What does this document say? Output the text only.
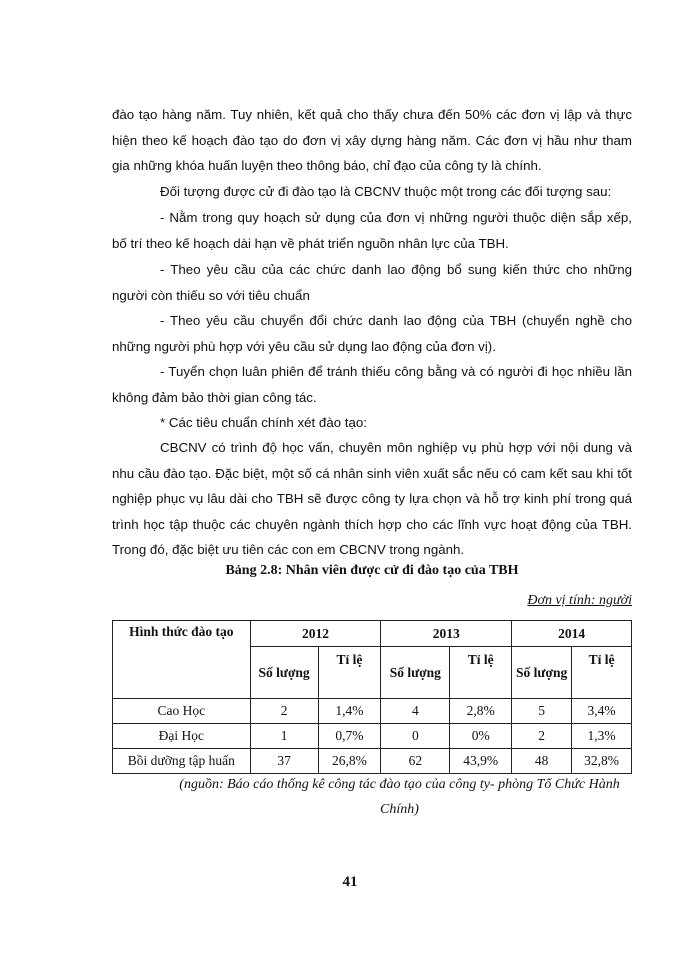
đào tạo hàng năm. Tuy nhiên, kết quả cho thấy chưa đến 50% các đơn vị lập và thực hiện theo kế hoạch đào tạo do đơn vị xây dựng hàng năm. Các đơn vị hầu như tham gia những khóa huấn luyện theo thông báo, chỉ đạo của công ty là chính.

Đối tượng được cử đi đào tạo là CBCNV thuộc một trong các đối tượng sau:

- Nằm trong quy hoạch sử dụng của đơn vị những người thuộc diện sắp xếp, bố trí theo kế hoạch dài hạn về phát triển nguồn nhân lực của TBH.

- Theo yêu cầu của các chức danh lao động bổ sung kiến thức cho những người còn thiếu so với tiêu chuẩn

- Theo yêu cầu chuyển đổi chức danh lao động của TBH (chuyển nghề cho những người phù hợp với yêu cầu sử dụng lao động của đơn vị).

- Tuyển chọn luân phiên để tránh thiếu công bằng và có người đi học nhiều lần không đảm bảo thời gian công tác.

* Các tiêu chuẩn chính xét đào tạo:

CBCNV có trình độ học vấn, chuyên môn nghiệp vụ phù hợp với nội dung và nhu cầu đào tạo. Đặc biệt, một số cá nhân sinh viên xuất sắc nếu có cam kết sau khi tốt nghiệp phục vụ lâu dài cho TBH sẽ được công ty lựa chọn và hỗ trợ kinh phí trong quá trình học tập thuộc các chuyên ngành thích hợp cho các lĩnh vực hoạt động của TBH. Trong đó, đặc biệt ưu tiên các con em CBCNV trong ngành.

Bảng 2.8: Nhân viên được cử đi đào tạo của TBH

Đơn vị tính: người
Hình thức đào tạo	2012		2013		2014	
	Số lượng	Tỉ lệ	Số lượng	Tỉ lệ	Số lượng	Tỉ lệ
Cao Học	2	1,4%	4	2,8%	5	3,4%
Đại Học	1	0,7%	0	0%	2	1,3%
Bồi dưỡng tập huấn	37	26,8%	62	43,9%	48	32,8%

(nguồn: Báo cáo thống kê công tác đào tạo của công ty- phòng Tổ Chức Hành Chính)

41
